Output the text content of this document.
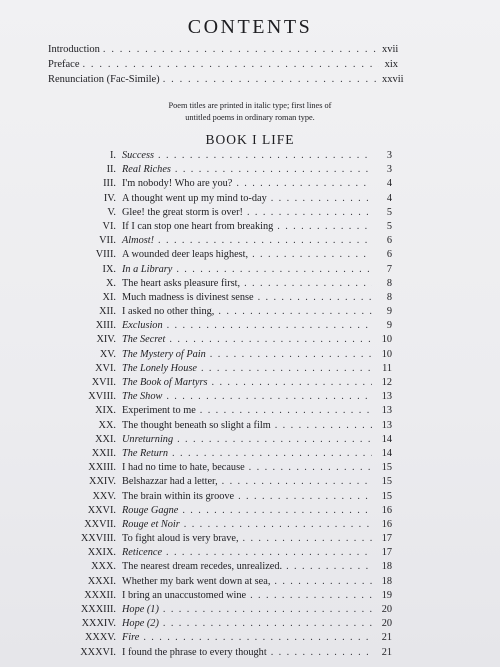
CONTENTS
Introduction . . .	xvii
Preface . . .	xix
Renunciation (Fac-Simile) . . .	xxvii
Poem titles are printed in italic type; first lines of
untitled poems in ordinary roman type.
BOOK I LIFE
I. Success . . .	3
II. Real Riches . . .	3
III. I'm nobody! Who are you? . . .	4
IV. A thought went up my mind to-day . . .	4
V. Glee! the great storm is over! . . .	5
VI. If I can stop one heart from breaking . . .	5
VII. Almost! . . .	6
VIII. A wounded deer leaps highest, . . .	6
IX. In a Library . . .	7
X. The heart asks pleasure first, . . .	8
XI. Much madness is divinest sense . . .	8
XII. I asked no other thing, . . .	9
XIII. Exclusion . . .	9
XIV. The Secret . . .	10
XV. The Mystery of Pain . . .	10
XVI. The Lonely House . . .	11
XVII. The Book of Martyrs . . .	12
XVIII. The Show . . .	13
XIX. Experiment to me . . .	13
XX. The thought beneath so slight a film . . .	13
XXI. Unreturning . . .	14
XXII. The Return . . .	14
XXIII. I had no time to hate, because . . .	15
XXIV. Belshazzar had a letter, . . .	15
XXV. The brain within its groove . . .	15
XXVI. Rouge Gagne . . .	16
XXVII. Rouge et Noir . . .	16
XXVIII. To fight aloud is very brave, . . .	17
XXIX. Reticence . . .	17
XXX. The nearest dream recedes, unrealized. . . .	18
XXXI. Whether my bark went down at sea, . . .	18
XXXII. I bring an unaccustomed wine . . .	19
XXXIII. Hope (1) . . .	20
XXXIV. Hope (2) . . .	20
XXXV. Fire . . .	21
XXXVI. I found the phrase to every thought . . .	21
